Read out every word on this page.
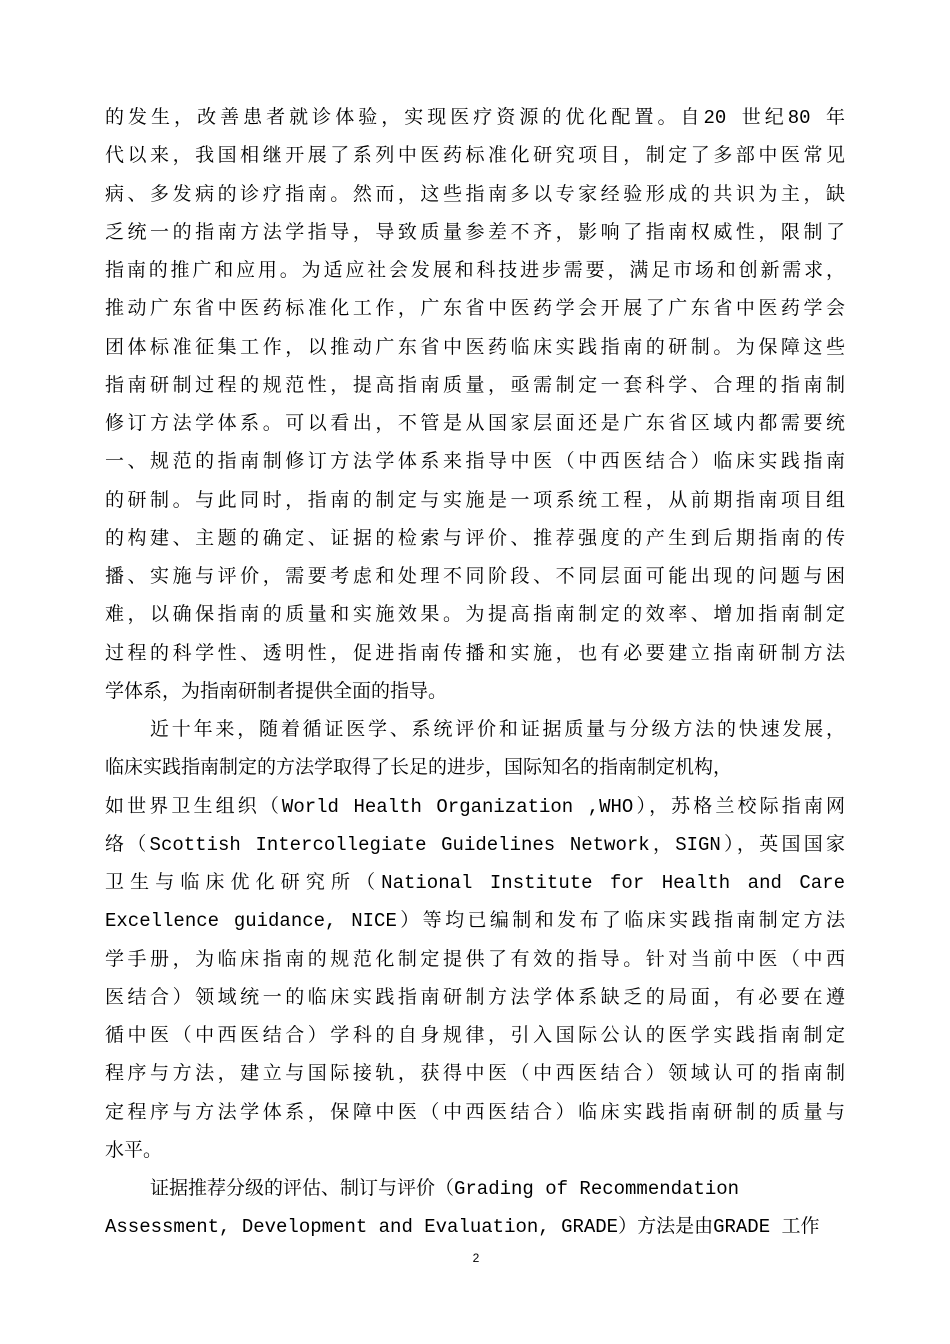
的发生，改善患者就诊体验，实现医疗资源的优化配置。自20 世纪80 年
代以来，我国相继开展了系列中医药标准化研究项目，制定了多部中医常见
病、多发病的诊疗指南。然而，这些指南多以专家经验形成的共识为主，缺
乏统一的指南方法学指导，导致质量参差不齐，影响了指南权威性，限制了
指南的推广和应用。为适应社会发展和科技进步需要，满足市场和创新需求，
推动广东省中医药标准化工作，广东省中医药学会开展了广东省中医药学会
团体标准征集工作，以推动广东省中医药临床实践指南的研制。为保障这些
指南研制过程的规范性，提高指南质量，亟需制定一套科学、合理的指南制
修订方法学体系。可以看出，不管是从国家层面还是广东省区域内都需要统
一、规范的指南制修订方法学体系来指导中医（中西医结合）临床实践指南
的研制。与此同时，指南的制定与实施是一项系统工程，从前期指南项目组
的构建、主题的确定、证据的检索与评价、推荐强度的产生到后期指南的传
播、实施与评价，需要考虑和处理不同阶段、不同层面可能出现的问题与困
难，以确保指南的质量和实施效果。为提高指南制定的效率、增加指南制定
过程的科学性、透明性，促进指南传播和实施，也有必要建立指南研制方法
学体系，为指南研制者提供全面的指导。
近十年来，随着循证医学、系统评价和证据质量与分级方法的快速发展，
临床实践指南制定的方法学取得了长足的进步，国际知名的指南制定机构，
如世界卫生组织（World Health Organization ,WHO），苏格兰校际指南网
络（Scottish Intercollegiate Guidelines Network，SIGN），英国国家
卫生与临床优化研究所（National Institute for Health and Care
Excellence guidance, NICE）等均已编制和发布了临床实践指南制定方法
学手册，为临床指南的规范化制定提供了有效的指导。针对当前中医（中西
医结合）领域统一的临床实践指南研制方法学体系缺乏的局面，有必要在遵
循中医（中西医结合）学科的自身规律，引入国际公认的医学实践指南制定
程序与方法，建立与国际接轨，获得中医（中西医结合）领域认可的指南制
定程序与方法学体系，保障中医（中西医结合）临床实践指南研制的质量与
水平。
证据推荐分级的评估、制订与评价（Grading of Recommendation
Assessment, Development and Evaluation, GRADE）方法是由GRADE 工作
2
